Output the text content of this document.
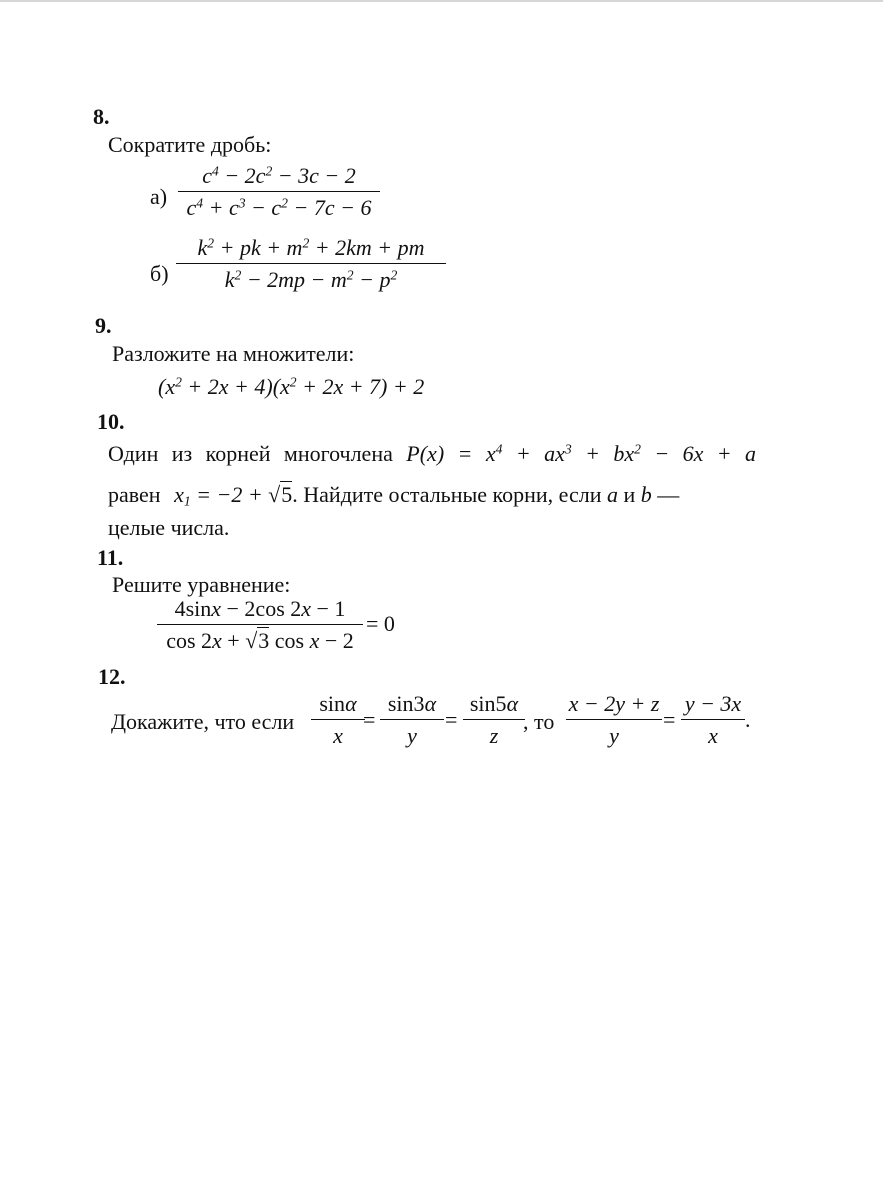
8.
Сократите дробь:
а)
$c^4 - 2c^2 - 3c - 2$
$c^4 + c^3 - c^2 - 7c - 6$
б)
$k^2$ + pk + $m^2 + 2km$ + pm
$k^2 - 2mp - m^2 - p^2$
9.
Разложите на множители:
$(x^2 + 2x + 4)(x^2 + 2x + 7) + 2$
10.
Один из корней многочлена $P(x) = x^4 + ax^3 + bx^2 - 6x + a$
равен $x_1 = -2 + √5$. Найдите остальные корни, если a и b —
целые числа.
11.
Решите уравнение:
4sinx − 2cos 2x − 1
cos 2x + √3 cos x − 2
= 0
12.
Докажите, что если
sinα
x
=
sin3α
y
=
sin5α
z
, то
x − 2y + z
y
=
y − 3x
x
.
